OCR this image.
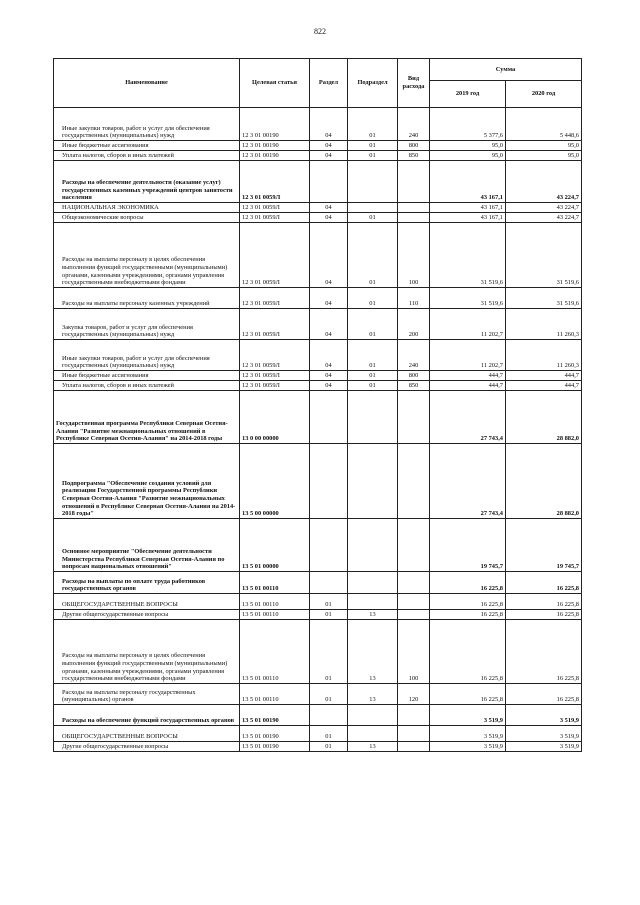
822
Наименование	Целевая статья	Раздел	Подраздел	Вид расхода	Сумма	
					2019 год	2020 год
Иные закупки товаров, работ и услуг для обеспечения государственных (муниципальных) нужд	12 3 01 00190	04	01	240	5 377,6	5 448,6
Иные бюджетные ассигнования	12 3 01 00190	04	01	800	95,0	95,0
Уплата налогов, сборов и иных платежей	12 3 01 00190	04	01	850	95,0	95,0
Расходы на обеспечение деятельности (оказание услуг) государственных казенных учреждений центров занятости населения	12 3 01 0059Л				43 167,1	43 224,7
НАЦИОНАЛЬНАЯ ЭКОНОМИКА	12 3 01 0059Л	04			43 167,1	43 224,7
Общеэкономические вопросы	12 3 01 0059Л	04	01		43 167,1	43 224,7
Расходы на выплаты персоналу в целях обеспечения выполнения функций государственными (муниципальными) органами, казенными учреждениями, органами управления государственными внебюджетными фондами	12 3 01 0059Л	04	01	100	31 519,6	31 519,6
Расходы на выплаты персоналу казенных учреждений	12 3 01 0059Л	04	01	110	31 519,6	31 519,6
Закупка товаров, работ и услуг для обеспечения государственных (муниципальных) нужд	12 3 01 0059Л	04	01	200	11 202,7	11 260,3
Иные закупки товаров, работ и услуг для обеспечения государственных (муниципальных) нужд	12 3 01 0059Л	04	01	240	11 202,7	11 260,3
Иные бюджетные ассигнования	12 3 01 0059Л	04	01	800	444,7	444,7
Уплата налогов, сборов и иных платежей	12 3 01 0059Л	04	01	850	444,7	444,7
Государственная программа Республики Северная Осетия-Алания "Развитие межнациональных отношений в Республике Северная Осетия-Алания" на 2014-2018 годы	13 0 00 00000				27 743,4	28 882,0
Подпрограмма "Обеспечение создания условий для реализации Государственной программы Республики Северная Осетия-Алания "Развитие межнациональных отношений в Республике Северная Осетия-Алания на 2014-2018 годы"	13 5 00 00000				27 743,4	28 882,0
Основное мероприятие "Обеспечение деятельности Министерства Республики Северная Осетия-Алания по вопросам национальных отношений"	13 5 01 00000				19 745,7	19 745,7
Расходы на выплаты по оплате труда работников государственных органов	13 5 01 00110				16 225,8	16 225,8
ОБЩЕГОСУДАРСТВЕННЫЕ ВОПРОСЫ	13 5 01 00110	01			16 225,8	16 225,8
Другие общегосударственные вопросы	13 5 01 00110	01	13		16 225,8	16 225,8
Расходы на выплаты персоналу в целях обеспечения выполнения функций государственными (муниципальными) органами, казенными учреждениями, органами управления государственными внебюджетными фондами	13 5 01 00110	01	13	100	16 225,8	16 225,8
Расходы на выплаты персоналу государственных (муниципальных) органов	13 5 01 00110	01	13	120	16 225,8	16 225,8
Расходы на обеспечение функций государственных органов	13 5 01 00190				3 519,9	3 519,9
ОБЩЕГОСУДАРСТВЕННЫЕ ВОПРОСЫ	13 5 01 00190	01			3 519,9	3 519,9
Другие общегосударственные вопросы	13 5 01 00190	01	13		3 519,9	3 519,9
